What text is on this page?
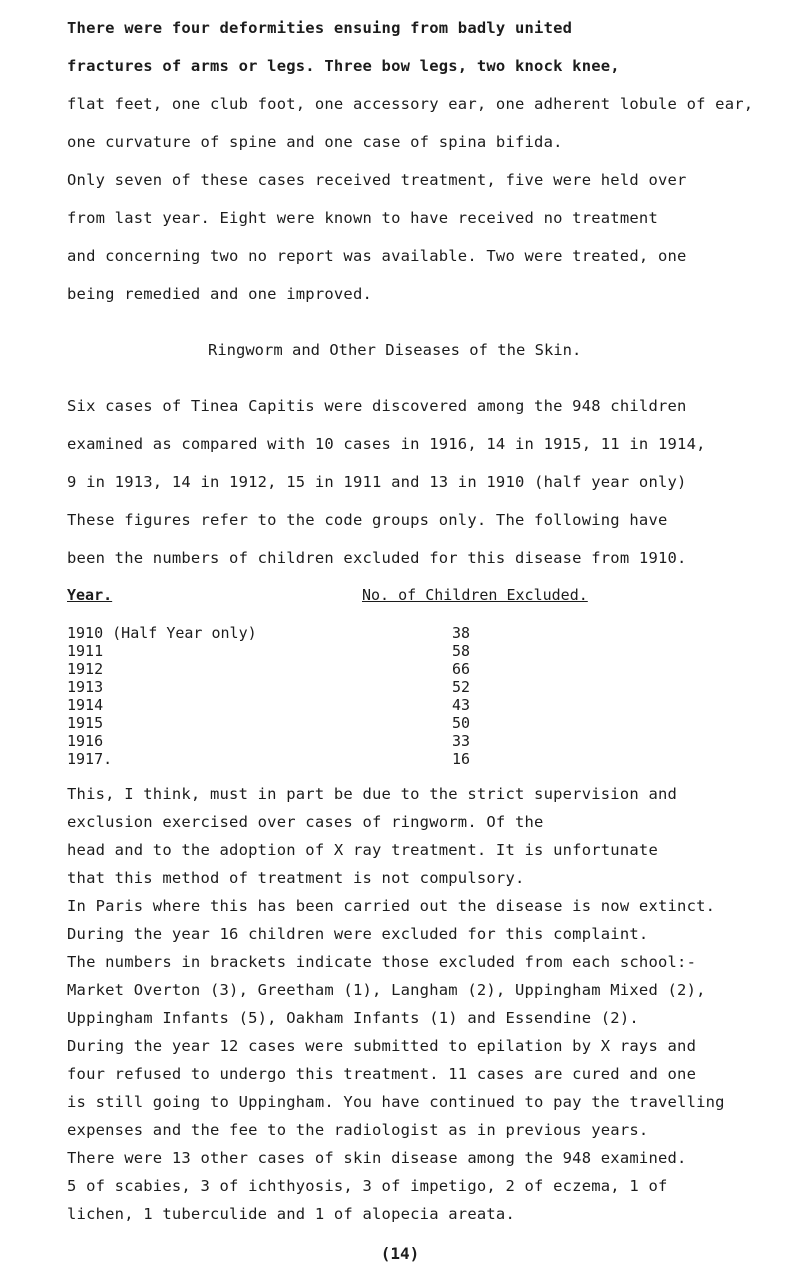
There were four deformities ensuing from badly united
fractures of arms or legs. Three bow legs, two knock knee,
flat feet, one club foot, one accessory ear, one adherent lobule of ear,
one curvature of spine and one case of spina bifida.
Only seven of these cases received treatment, five were held over
from last year. Eight were known to have received no treatment
and concerning two no report was available. Two were treated, one
being remedied and one improved.
Ringworm and Other Diseases of the Skin.
Six cases of Tinea Capitis were discovered among the 948 children
examined as compared with 10 cases in 1916, 14 in 1915, 11 in 1914,
9 in 1913, 14 in 1912, 15 in 1911 and 13 in 1910 (half year only)
These figures refer to the code groups only. The following have
been the numbers of children excluded for this disease from 1910.
Year.	No. of Children Excluded.
1910 (Half Year only)	38
1911	58
1912	66
1913	52
1914	43
1915	50
1916	33
1917.	16
This, I think, must in part be due to the strict supervision and
exclusion exercised over cases of ringworm. Of the
head and to the adoption of X ray treatment. It is unfortunate
that this method of treatment is not compulsory.
In Paris where this has been carried out the disease is now extinct.
During the year 16 children were excluded for this complaint.
The numbers in brackets indicate those excluded from each school:-
Market Overton (3), Greetham (1), Langham (2), Uppingham Mixed (2),
Uppingham Infants (5), Oakham Infants (1) and Essendine (2).
During the year 12 cases were submitted to epilation by X rays and
four refused to undergo this treatment. 11 cases are cured and one
is still going to Uppingham. You have continued to pay the travelling
expenses and the fee to the radiologist as in previous years.
There were 13 other cases of skin disease among the 948 examined.
5 of scabies, 3 of ichthyosis, 3 of impetigo, 2 of eczema, 1 of
lichen, 1 tuberculide and 1 of alopecia areata.
(14)
